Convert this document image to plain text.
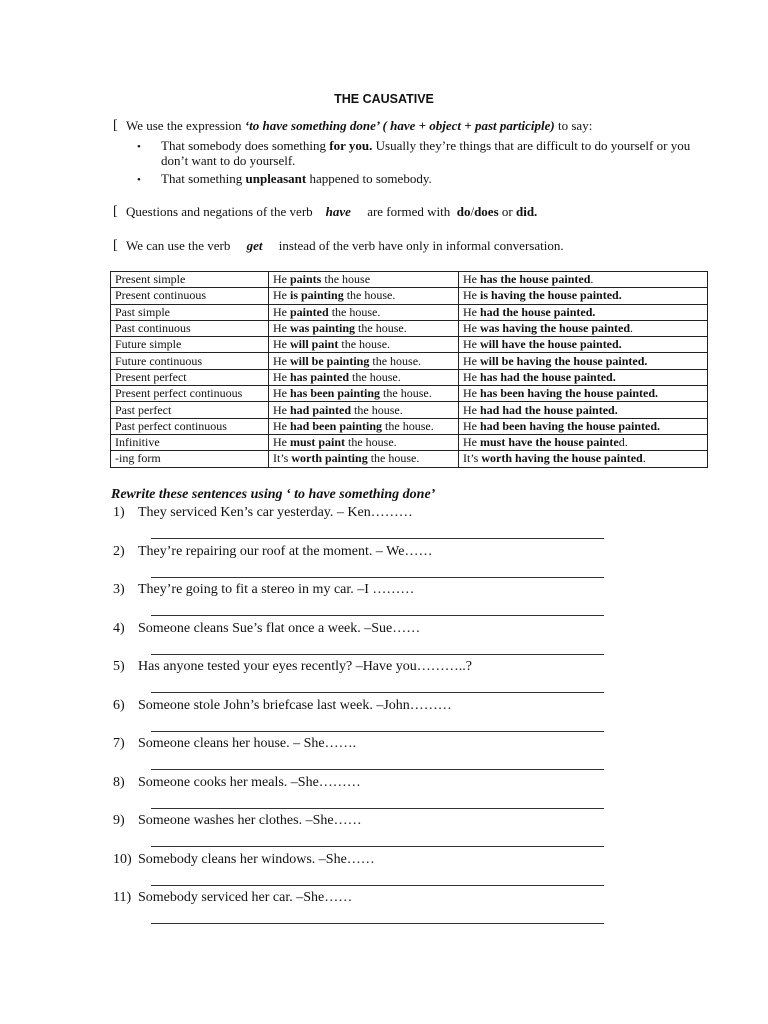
THE CAUSATIVE
[ We use the expression ‘to have something done’ ( have + object + past participle) to say:
• That somebody does something for you. Usually they’re things that are difficult to do yourself or you
don’t want to do yourself.
• That something unpleasant happened to somebody.
[ Questions and negations of the verb    have     are formed with  do/does or did.
[ We can use the verb     get     instead of the verb have only in informal conversation.
Present simple	He paints the house	He has the house painted.
Present continuous	He is painting the house.	He is having the house painted.
Past simple	He painted the house.	He had the house painted.
Past continuous	He was painting the house.	He was having the house painted.
Future simple	He will paint the house.	He will have the house painted.
Future continuous	He will be painting the house.	He will be having the house painted.
Present perfect	He has painted the house.	He has had the house painted.
Present perfect continuous	He has been painting the house.	He has been having the house painted.
Past perfect	He had painted the house.	He had had the house painted.
Past perfect continuous	He had been painting the house.	He had been having the house painted.
Infinitive	He must paint the house.	He must have the house painted.
-ing form	It’s worth painting the house.	It’s worth having the house painted.
Rewrite these sentences using ‘ to have something done’
1) They serviced Ken’s car yesterday. – Ken………
2) They’re repairing our roof at the moment. – We……
3) They’re going to fit a stereo in my car. –I ………
4) Someone cleans Sue’s flat once a week. –Sue……
5) Has anyone tested your eyes recently? –Have you………..?
6) Someone stole John’s briefcase last week. –John………
7) Someone cleans her house. – She…….
8) Someone cooks her meals. –She………
9) Someone washes her clothes. –She……
10) Somebody cleans her windows. –She……
11) Somebody serviced her car. –She……
